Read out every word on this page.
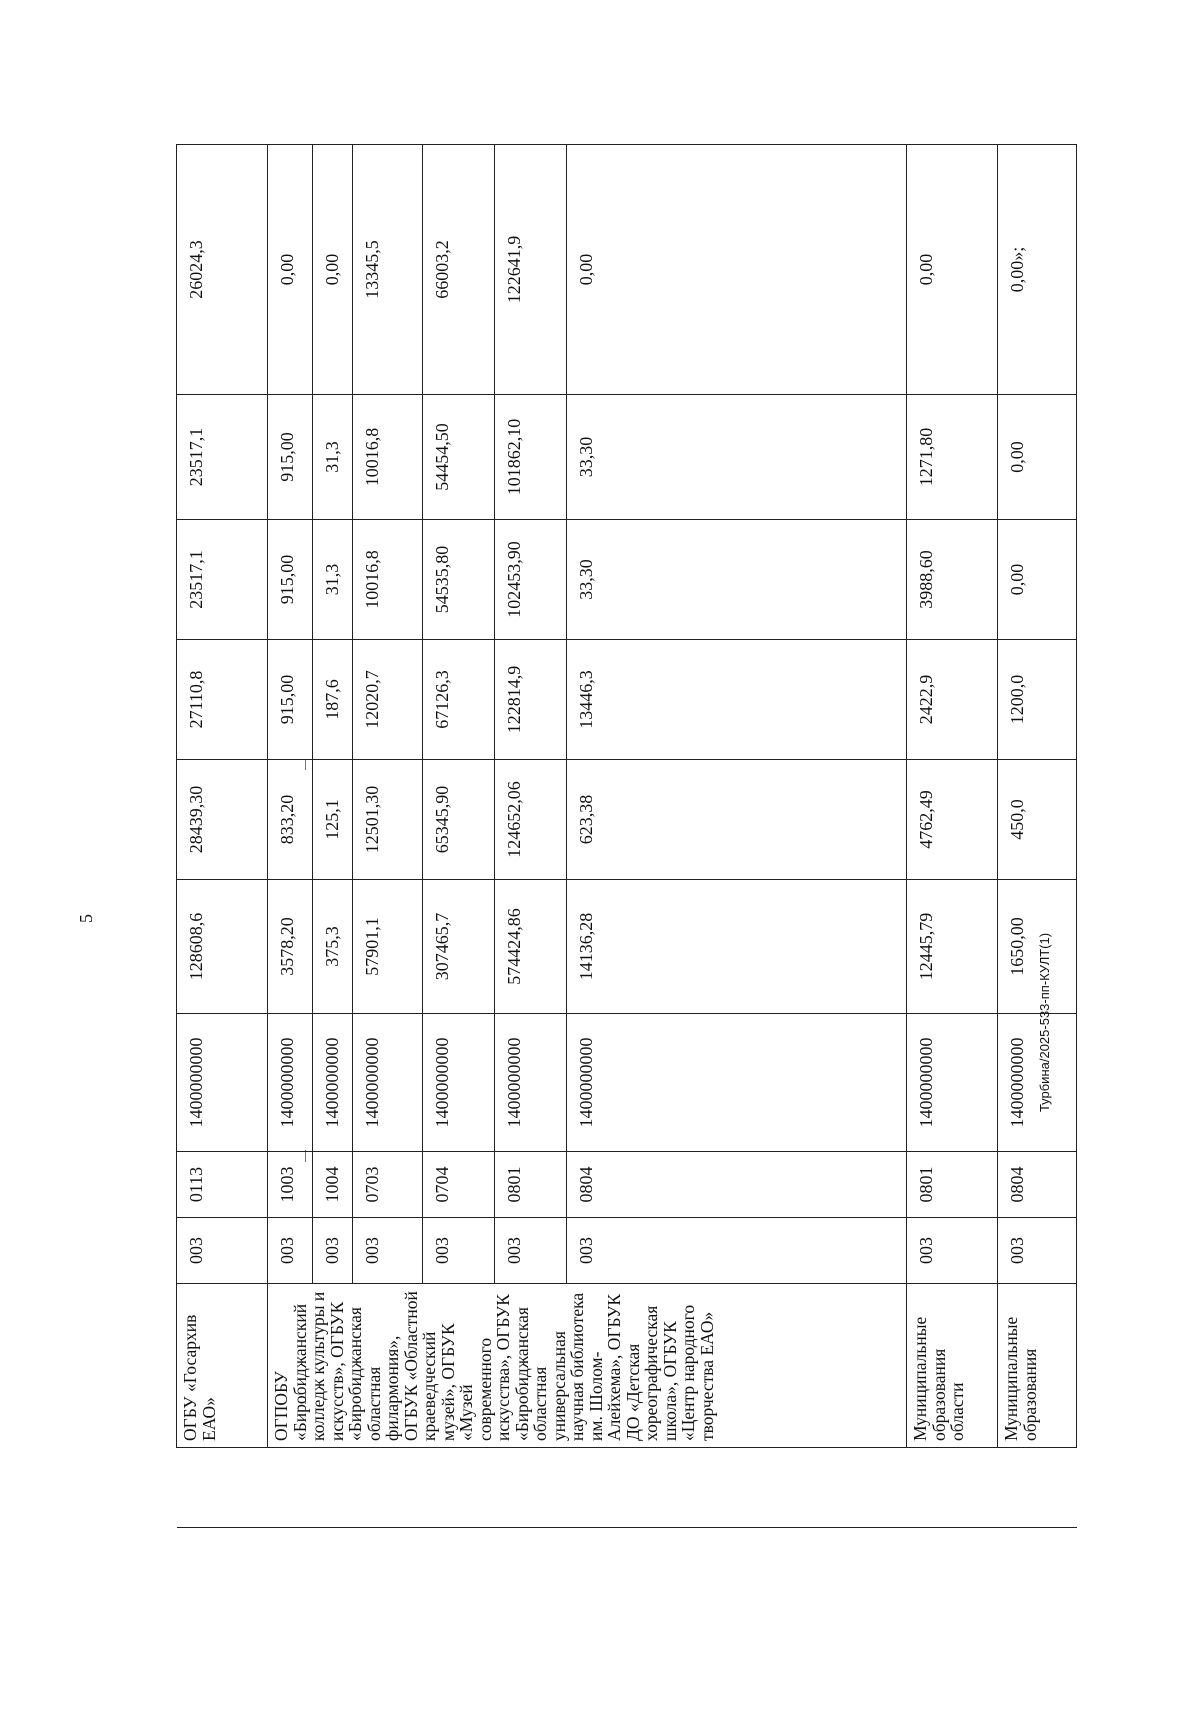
5
	ОГБУ «Госархив ЕАО»	003	0113	1400000000	128608,6	28439,30	27110,8	23517,1	23517,1	26024,3
	ОГПОБУ «Биробиджанский колледж культуры и искусств», ОГБУК «Биробиджанская областная филармония», ОГБУК «Областной краеведческий музей», ОГБУК «Музей современного искусства», ОГБУК «Биробиджанская областная универсальная научная библиотека им. Шолом-Алейхема», ОГБУК ДО «Детская хореографическая школа», ОГБУК «Центр народного творчества ЕАО»	003	1003	1400000000	3578,20	833,20	915,00	915,00	915,00	0,00
		003	1004	1400000000	375,3	125,1	187,6	31,3	31,3	0,00
		003	0703	1400000000	57901,1	12501,30	12020,7	10016,8	10016,8	13345,5
		003	0704	1400000000	307465,7	65345,90	67126,3	54535,80	54454,50	66003,2
		003	0801	1400000000	574424,86	124652,06	122814,9	102453,90	101862,10	122641,9
		003	0804	1400000000	14136,28	623,38	13446,3	33,30	33,30	0,00
	Муниципальные образования области	003	0801	1400000000	12445,79	4762,49	2422,9	3988,60	1271,80	0,00
	Муниципальные образования	003	0804	1400000000	1650,00	450,0	1200,0	0,00	0,00	0,00»;
Турбина/2025-533-пп-КУЛТ(1)
